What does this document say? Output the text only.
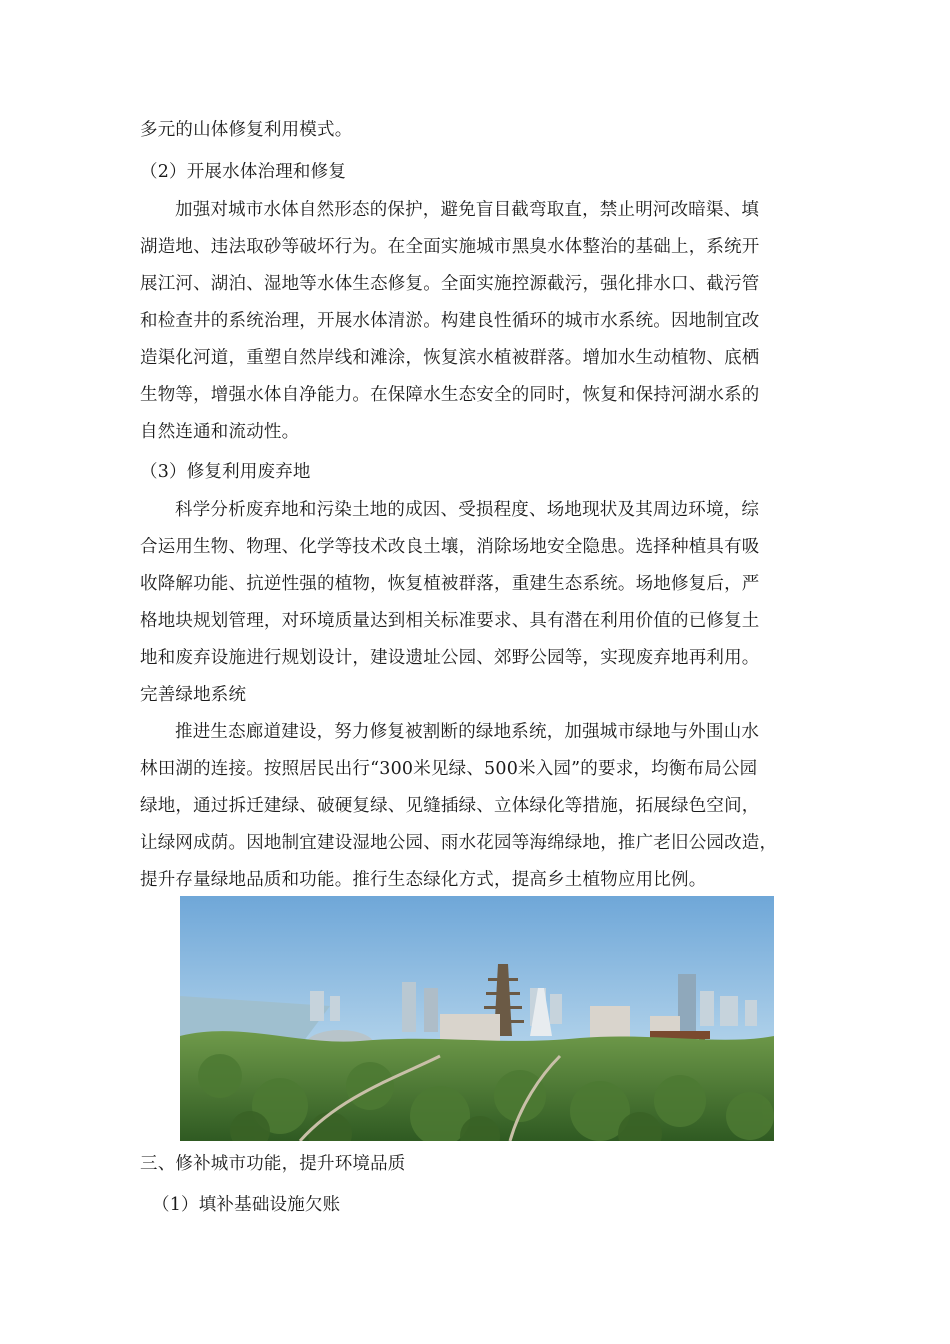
多元的山体修复利用模式。
（2）开展水体治理和修复
加强对城市水体自然形态的保护，避免盲目截弯取直，禁止明河改暗渠、填
湖造地、违法取砂等破坏行为。在全面实施城市黑臭水体整治的基础上，系统开
展江河、湖泊、湿地等水体生态修复。全面实施控源截污，强化排水口、截污管
和检查井的系统治理，开展水体清淤。构建良性循环的城市水系统。因地制宜改
造渠化河道，重塑自然岸线和滩涂，恢复滨水植被群落。增加水生动植物、底栖
生物等，增强水体自净能力。在保障水生态安全的同时，恢复和保持河湖水系的
自然连通和流动性。
（3）修复利用废弃地
科学分析废弃地和污染土地的成因、受损程度、场地现状及其周边环境，综
合运用生物、物理、化学等技术改良土壤，消除场地安全隐患。选择种植具有吸
收降解功能、抗逆性强的植物，恢复植被群落，重建生态系统。场地修复后，严
格地块规划管理，对环境质量达到相关标准要求、具有潜在利用价值的已修复土
地和废弃设施进行规划设计，建设遗址公园、郊野公园等，实现废弃地再利用。
完善绿地系统
推进生态廊道建设，努力修复被割断的绿地系统，加强城市绿地与外围山水
林田湖的连接。按照居民出行“300米见绿、500米入园”的要求，均衡布局公园
绿地，通过拆迁建绿、破硬复绿、见缝插绿、立体绿化等措施，拓展绿色空间，
让绿网成荫。因地制宜建设湿地公园、雨水花园等海绵绿地，推广老旧公园改造，
提升存量绿地品质和功能。推行生态绿化方式，提高乡土植物应用比例。
三、修补城市功能，提升环境品质
（1）填补基础设施欠账
